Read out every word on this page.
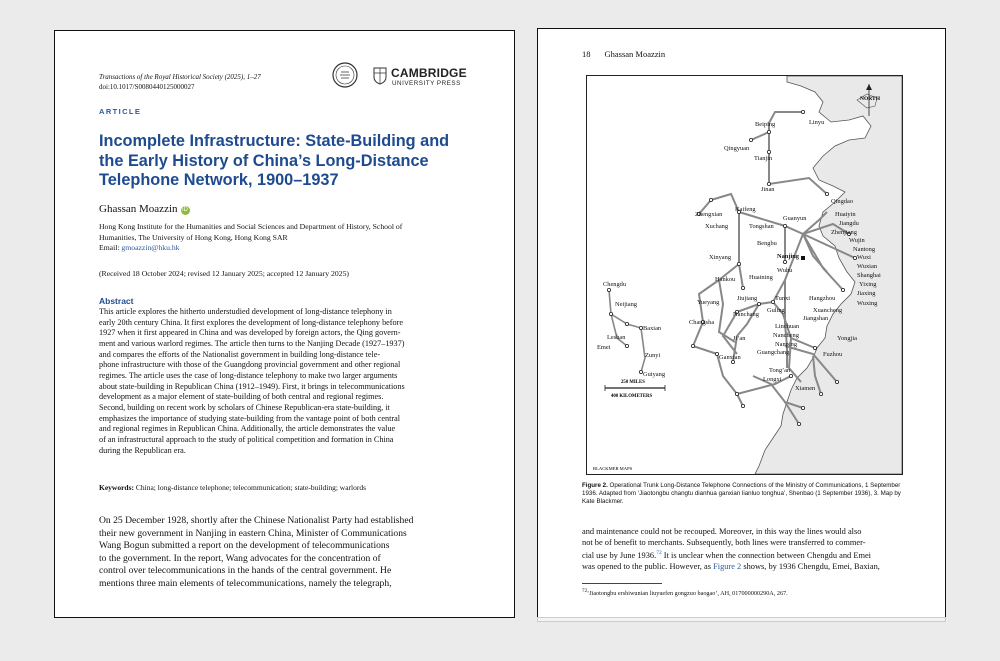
Transactions of the Royal Historical Society (2025), 1–27
doi:10.1017/S0080440125000027
CAMBRIDGE
UNIVERSITY PRESS
ARTICLE
Incomplete Infrastructure: State-Building and
the Early History of China’s Long-Distance
Telephone Network, 1900–1937
Ghassan Moazzin iD
Hong Kong Institute for the Humanities and Social Sciences and Department of History, School of
Humanities, The University of Hong Kong, Hong Kong SAR
Email: gmoazzin@hku.hk
(Received 18 October 2024; revised 12 January 2025; accepted 12 January 2025)
Abstract
This article explores the hitherto understudied development of long-distance telephony in
early 20th century China. It first explores the development of long-distance telephony before
1927 when it first appeared in China and was developed by foreign actors, the Qing govern-
ment and various warlord regimes. The article then turns to the Nanjing Decade (1927–1937)
and compares the efforts of the Nationalist government in building long-distance tele-
phone infrastructure with those of the Guangdong provincial government and other regional
regimes. The article uses the case of long-distance telephony to make two larger arguments
about state-building in Republican China (1912–1949). First, it brings in telecommunications
development as a major element of state-building of both central and regional regimes.
Second, building on recent work by scholars of Chinese Republican-era state-building, it
emphasizes the importance of studying state-building from the vantage point of both central
and regional regimes in Republican China. Additionally, the article demonstrates the value
of an infrastructural approach to the study of political competition and formation in China
during the Republican era.
Keywords: China; long-distance telephone; telecommunication; state-building; warlords
On 25 December 1928, shortly after the Chinese Nationalist Party had established
their new government in Nanjing in eastern China, Minister of Communications
Wang Bogun submitted a report on the development of telecommunications
to the government. In the report, Wang advocates for the concentration of
control over telecommunications in the hands of the central government. He
mentions three main elements of telecommunications, namely the telegraph,
18 Ghassan Moazzin
NORTH
Beiping	Linyu
Qingyuan
Tianjin
Jinan
Qingdao
Kaifeng
Zhengxian
Guanyun
Huaiyin
Xuchang	Tongshan	Jiangdu
Zhenjiang
Bengbu	Wujin
Nantong
Xinyang	Wuxi
Wuhu
Wuxian
Hankou Huaining	Shanghai
Yixing
Jiujiang	Tunxi	Hangzhou
Jiaxing
Yueyang	Wuxing
Nanchang
Jiangshan
Changsha
Linchuan
Yongjia
Ji’an
Guling	Xuancheng
Nancheng
Nanping
Ganxian
Guangchang	Fuzhou
Tong’an
Longxi
Xiamen
Nanjing
Chengdu
Neijiang
Baxian
Leshan
Emei
Zunyi
Guiyang
250 MILES
400 KILOMETERS
BLACKMER MAPS
Figure 2. Operational Trunk Long-Distance Telephone Connections of the Ministry of Communications, 1 September 1936. Adapted from ‘Jiaotongbu changtu dianhua ganxian lianluo tonghua’, Shenbao (1 September 1936), 3. Map by Kate Blackmer.
and maintenance could not be recouped. Moreover, in this way the lines would also
not be of benefit to merchants. Subsequently, both lines were transferred to commer-
cial use by June 1936.72 It is unclear when the connection between Chengdu and Emei
was opened to the public. However, as Figure 2 shows, by 1936 Chengdu, Emei, Baxian,
$^{72}$‘Jiaotongbu ershiwunian liuyuefen gongzuo baogao’, AH, 017000000290A, 267.
